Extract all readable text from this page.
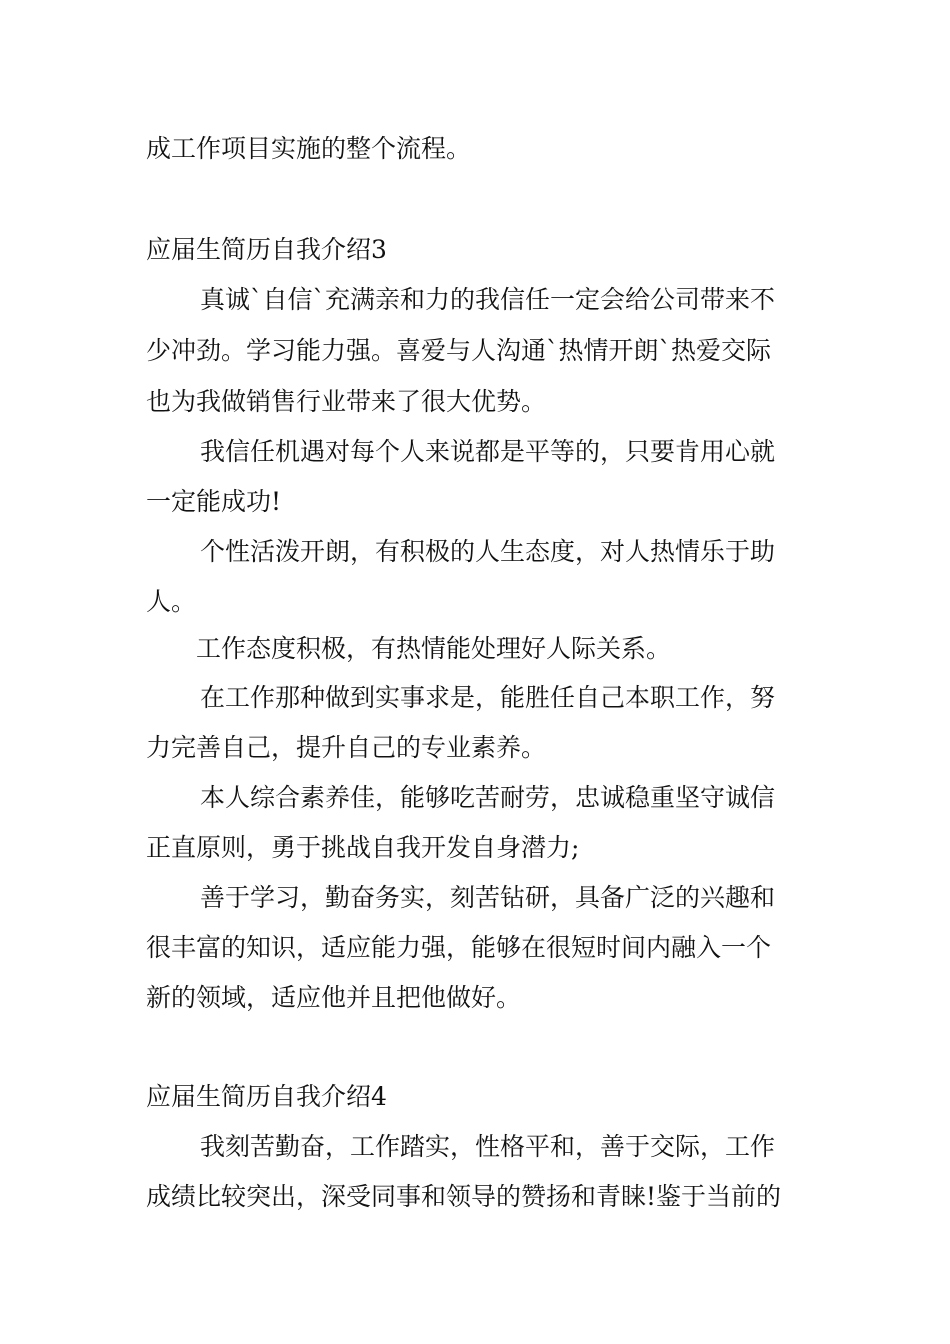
成工作项目实施的整个流程。
应届生简历自我介绍3
真诚`自信`充满亲和力的我信任一定会给公司带来不
少冲劲。学习能力强。喜爱与人沟通`热情开朗`热爱交际
也为我做销售行业带来了很大优势。
我信任机遇对每个人来说都是平等的，只要肯用心就
一定能成功!
个性活泼开朗，有积极的人生态度，对人热情乐于助
人。
工作态度积极，有热情能处理好人际关系。
在工作那种做到实事求是，能胜任自己本职工作，努
力完善自己，提升自己的专业素养。
本人综合素养佳，能够吃苦耐劳，忠诚稳重坚守诚信
正直原则，勇于挑战自我开发自身潜力;
善于学习，勤奋务实，刻苦钻研，具备广泛的兴趣和
很丰富的知识，适应能力强，能够在很短时间内融入一个
新的领域，适应他并且把他做好。
应届生简历自我介绍4
我刻苦勤奋，工作踏实，性格平和，善于交际，工作
成绩比较突出，深受同事和领导的赞扬和青睐!鉴于当前的
